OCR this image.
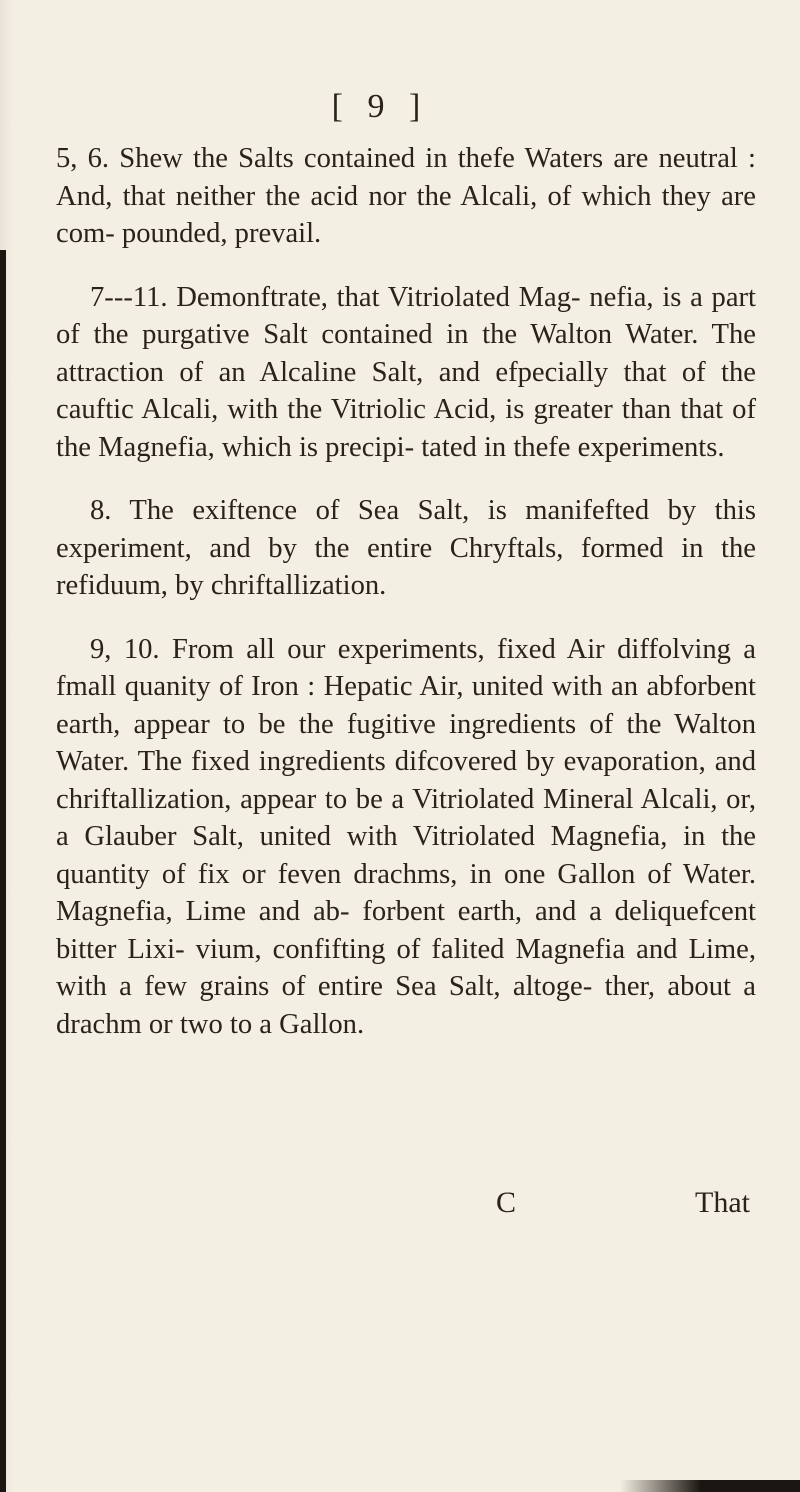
[ 9 ]

5, 6. Shew the Salts contained in thefe Waters are neutral : And, that neither the acid nor the Alcali, of which they are com- pounded, prevail.

7---11. Demonftrate, that Vitriolated Mag- nefia, is a part of the purgative Salt contained in the Walton Water. The attraction of an Alcaline Salt, and efpecially that of the cauftic Alcali, with the Vitriolic Acid, is greater than that of the Magnefia, which is precipi- tated in thefe experiments.

8. The exiftence of Sea Salt, is manifefted by this experiment, and by the entire Chryftals, formed in the refiduum, by chriftallization.

9, 10. From all our experiments, fixed Air diffolving a fmall quanity of Iron : Hepatic Air, united with an abforbent earth, appear to be the fugitive ingredients of the Walton Water. The fixed ingredients difcovered by evaporation, and chriftallization, appear to be a Vitriolated Mineral Alcali, or, a Glauber Salt, united with Vitriolated Magnefia, in the quantity of fix or feven drachms, in one Gallon of Water. Magnefia, Lime and ab- forbent earth, and a deliquefcent bitter Lixi- vium, confifting of falited Magnefia and Lime, with a few grains of entire Sea Salt, altoge- ther, about a drachm or two to a Gallon.

C	That
